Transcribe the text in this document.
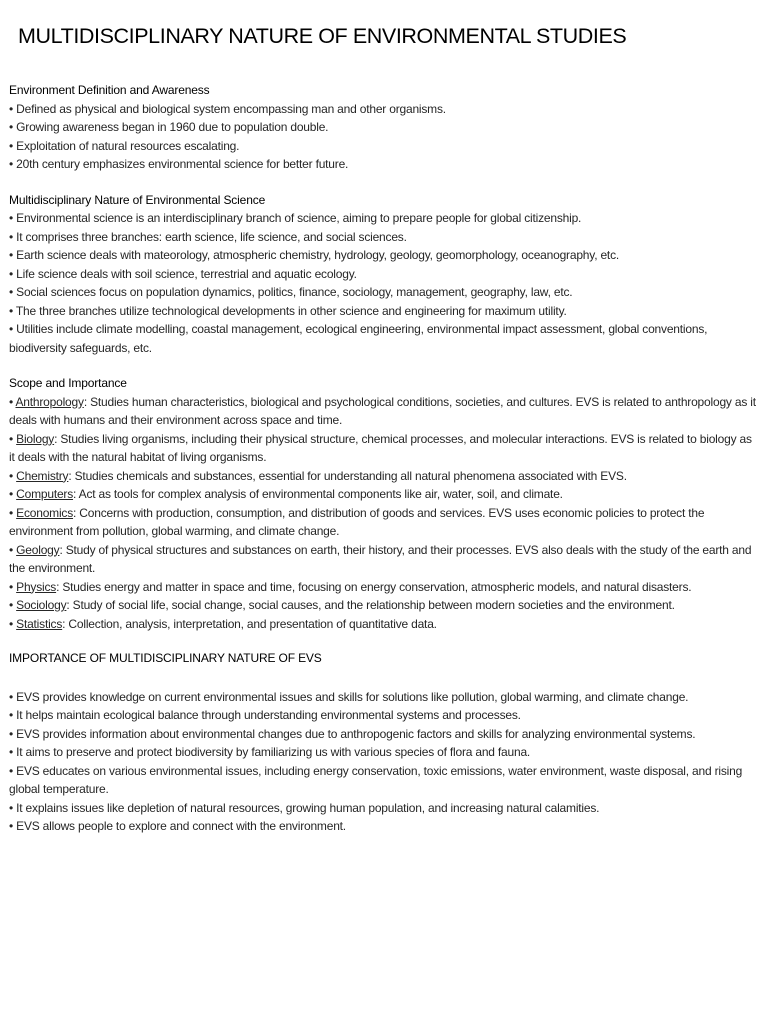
MULTIDISCIPLINARY NATURE OF ENVIRONMENTAL STUDIES

Environment Definition and Awareness

• Defined as physical and biological system encompassing man and other organisms.

• Growing awareness began in 1960 due to population double.

• Exploitation of natural resources escalating.

• 20th century emphasizes environmental science for better future.

Multidisciplinary Nature of Environmental Science

• Environmental science is an interdisciplinary branch of science, aiming to prepare people for global citizenship.

• It comprises three branches: earth science, life science, and social sciences.

• Earth science deals with mateorology, atmospheric chemistry, hydrology, geology, geomorphology, oceanography, etc.

• Life science deals with soil science, terrestrial and aquatic ecology.

• Social sciences focus on population dynamics, politics, finance, sociology, management, geography, law, etc.

• The three branches utilize technological developments in other science and engineering for maximum utility.

• Utilities include climate modelling, coastal management, ecological engineering, environmental impact assessment, global conventions, biodiversity safeguards, etc.

Scope and Importance

• Anthropology: Studies human characteristics, biological and psychological conditions, societies, and cultures. EVS is related to anthropology as it deals with humans and their environment across space and time.

• Biology: Studies living organisms, including their physical structure, chemical processes, and molecular interactions. EVS is related to biology as it deals with the natural habitat of living organisms.

• Chemistry: Studies chemicals and substances, essential for understanding all natural phenomena associated with EVS.

• Computers: Act as tools for complex analysis of environmental components like air, water, soil, and climate.

• Economics: Concerns with production, consumption, and distribution of goods and services. EVS uses economic policies to protect the environment from pollution, global warming, and climate change.

• Geology: Study of physical structures and substances on earth, their history, and their processes. EVS also deals with the study of the earth and the environment.

• Physics: Studies energy and matter in space and time, focusing on energy conservation, atmospheric models, and natural disasters.

• Sociology: Study of social life, social change, social causes, and the relationship between modern societies and the environment.

• Statistics: Collection, analysis, interpretation, and presentation of quantitative data.

IMPORTANCE OF MULTIDISCIPLINARY NATURE OF EVS

• EVS provides knowledge on current environmental issues and skills for solutions like pollution, global warming, and climate change.

• It helps maintain ecological balance through understanding environmental systems and processes.

• EVS provides information about environmental changes due to anthropogenic factors and skills for analyzing environmental systems.

• It aims to preserve and protect biodiversity by familiarizing us with various species of flora and fauna.

• EVS educates on various environmental issues, including energy conservation, toxic emissions, water environment, waste disposal, and rising global temperature.

• It explains issues like depletion of natural resources, growing human population, and increasing natural calamities.

• EVS allows people to explore and connect with the environment.
